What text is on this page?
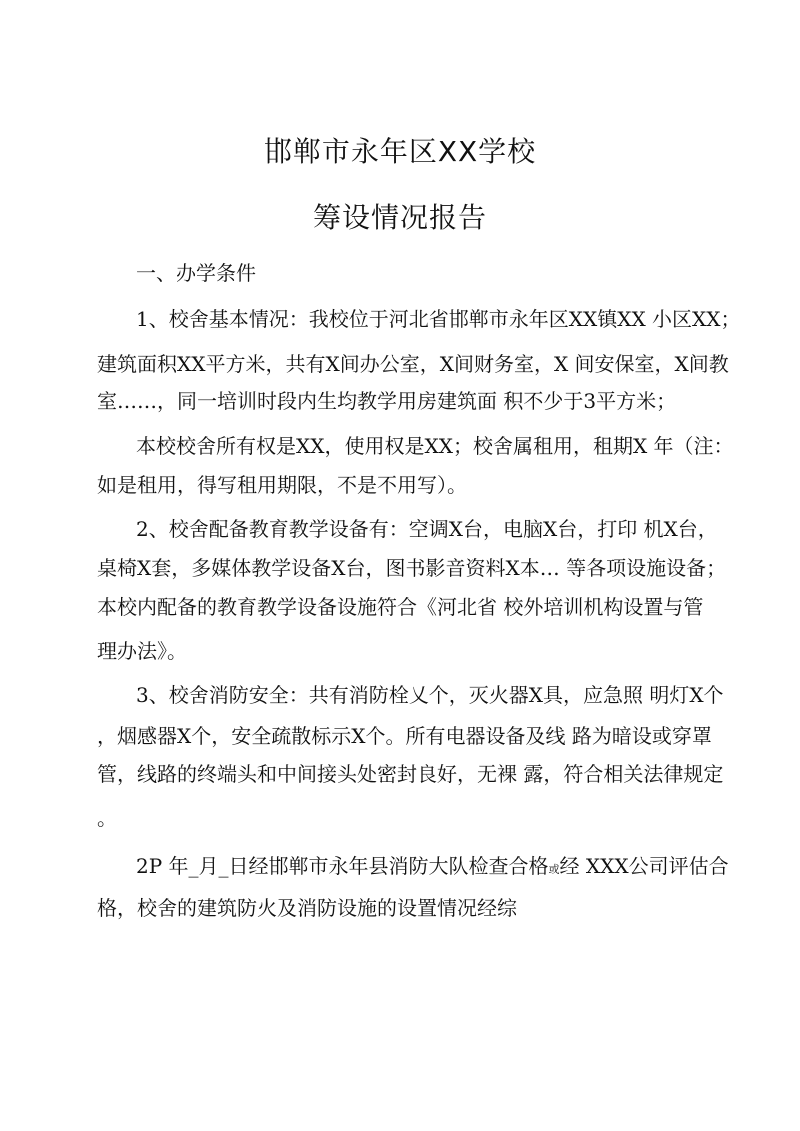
邯郸市永年区XX学校
筹设情况报告
一、办学条件
1、校舍基本情况：我校位于河北省邯郸市永年区XX镇XX 小区XX；
建筑面积XX平方米，共有X间办公室，X间财务室，X 间安保室，X间教
室……，同一培训时段内生均教学用房建筑面 积不少于3平方米；
本校校舍所有权是XX，使用权是XX；校舍属租用，租期X 年（注：
如是租用，得写租用期限，不是不用写）。
2、校舍配备教育教学设备有：空调X台，电脑X台，打印 机X台，
桌椅X套，多媒体教学设备X台，图书影音资料X本… 等各项设施设备；
本校内配备的教育教学设备设施符合《河北省 校外培训机构设置与管
理办法》。
3、校舍消防安全：共有消防栓乂个，灭火器X具，应急照 明灯X个
，烟感器X个，安全疏散标示X个。所有电器设备及线 路为暗设或穿罩
管，线路的终端头和中间接头处密封良好，无裸 露，符合相关法律规定
。
2P 年_月_日经邯郸市永年县消防大队检查合格或经 XXX公司评估合
格，校舍的建筑防火及消防设施的设置情况经综
